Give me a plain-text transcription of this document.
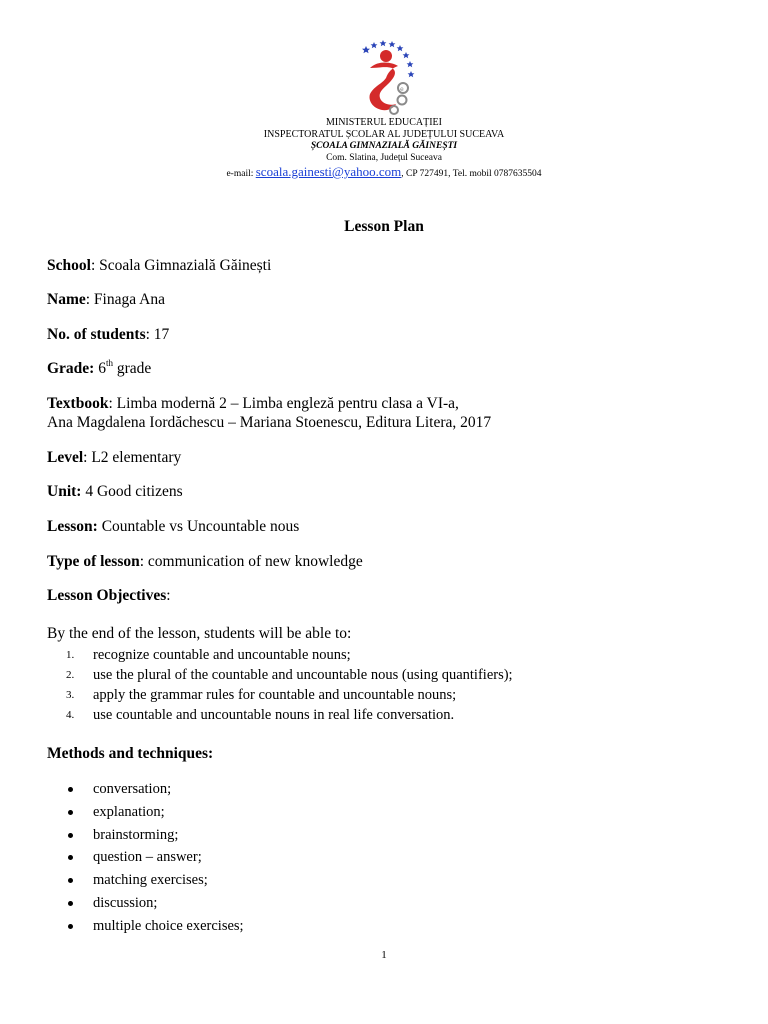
e
MINISTERUL EDUCAȚIEI
INSPECTORATUL ȘCOLAR AL JUDEȚULUI SUCEAVA
ȘCOALA GIMNAZIALĂ GĂINEȘTI
Com. Slatina, Județul Suceava
e-mail: scoala.gainesti@yahoo.com, CP 727491, Tel. mobil 0787635504
Lesson Plan
School: Scoala Gimnazială Găinești
Name: Finaga Ana
No. of students: 17
Grade: 6th grade
Textbook: Limba modernă 2 – Limba engleză pentru clasa a VI-a,
Ana Magdalena Iordăchescu – Mariana Stoenescu, Editura Litera, 2017
Level: L2 elementary
Unit: 4 Good citizens
Lesson: Countable vs Uncountable nous
Type of lesson: communication of new knowledge
Lesson Objectives:
By the end of the lesson, students will be able to:
1. recognize countable and uncountable nouns;
2. use the plural of the countable and uncountable nous (using quantifiers);
3. apply the grammar rules for countable and uncountable nouns;
4. use countable and uncountable nouns in real life conversation.
Methods and techniques:
conversation;
explanation;
brainstorming;
question – answer;
matching exercises;
discussion;
multiple choice exercises;
1
